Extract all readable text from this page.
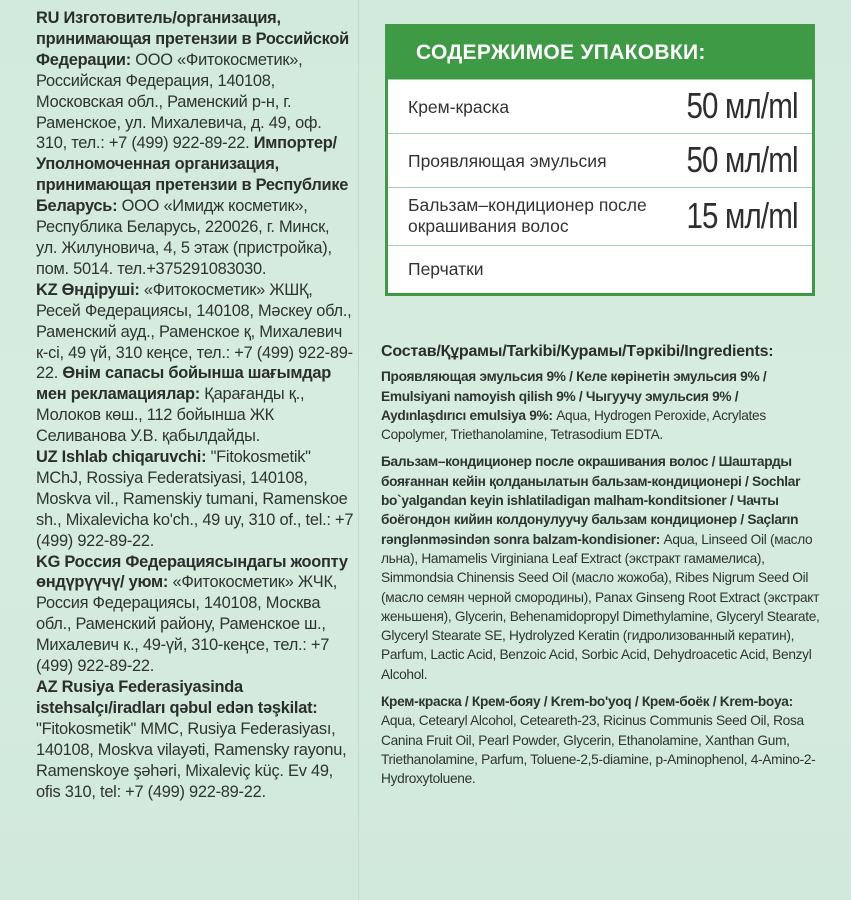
RU Изготовитель/организация, принимающая претензии в Российской Федерации: ООО «Фитокосметик», Российская Федерация, 140108, Московская обл., Раменский р-н, г. Раменское, ул. Михалевича, д. 49, оф. 310, тел.: +7 (499) 922-89-22. Импортер/ Уполномоченная организация, принимающая претензии в Республике Беларусь: ООО «Имидж косметик», Республика Беларусь, 220026, г. Минск, ул. Жилуновича, 4, 5 этаж (пристройка), пом. 5014. тел.+375291083030.

KZ Өндіруші: «Фитокосметик» ЖШҚ, Ресей Федерациясы, 140108, Мәскеу обл., Раменский ауд., Раменское қ, Михалевич к-сі, 49 үй, 310 кеңсе, тел.: +7 (499) 922-89-22. Өнім сапасы бойынша шағымдар мен рекламациялар: Қарағанды қ., Молоков көш., 112 бойынша ЖК Селиванова У.В. қабылдайды.

UZ Ishlab chiqaruvchi: "Fitokosmetik" MChJ, Rossiya Federatsiyasi, 140108, Moskva vil., Ramenskiy tumani, Ramenskoe sh., Mixalevicha ko'ch., 49 uy, 310 of., tel.: +7 (499) 922-89-22.

KG Россия Федерациясындагы жоопту өндүрүүчү/ уюм: «Фитокосметик» ЖЧК, Россия Федерациясы, 140108, Москва обл., Раменский району, Раменское ш., Михалевич к., 49-үй, 310-кеңсе, тел.: +7 (499) 922-89-22.

AZ Rusiya Federasiyasinda istehsalçı/iradları qəbul edən təşkilat: "Fitokosmetik" MMC, Rusiya Federasiyası, 140108, Moskva vilayəti, Ramensky rayonu, Ramenskoye şəhəri, Mixaleviç küç. Ev 49, ofis 310, tel: +7 (499) 922-89-22.

СОДЕРЖИМОЕ УПАКОВКИ:
Крем-краска	50 мл/ml
Проявляющая эмульсия 50 мл/ml
Бальзам–кондиционер после окрашивания волос	15 мл/ml
Перчатки
Состав/Құрамы/Tarkibi/Курамы/Тәркibi/Ingredients:

Проявляющая эмульсия 9% / Келе көрінетін эмульсия 9% / Emulsiyani namoyish qilish 9% / Чыгуучу эмульсия 9% / Aydınlaşdırıcı emulsiya 9%: Aqua, Hydrogen Peroxide, Acrylates Copolymer, Triethanolamine, Tetrasodium EDTA.

Бальзам–кондиционер после окрашивания волос / Шаштарды бояғаннан кейін қолданылатын бальзам-кондиционері / Sochlar bo`yalgandan keyin ishlatiladigan malham-konditsioner / Чачты боёгондон кийин колдонулуучу бальзам кондиционер / Saçların rənglənməsindən sonra balzam-kondisioner: Aqua, Linseed Oil (масло льна), Hamamelis Virginiana Leaf Extract (экстракт гамамелиса), Simmondsia Chinensis Seed Oil (масло жожоба), Ribes Nigrum Seed Oil (масло семян черной смородины), Panax Ginseng Root Extract (экстракт женьшеня), Glycerin, Behenamidopropyl Dimethylamine, Glyceryl Stearate, Glyceryl Stearate SE, Hydrolyzed Keratin (гидролизованный кератин), Parfum, Lactic Acid, Benzoic Acid, Sorbic Acid, Dehydroacetic Acid, Benzyl Alcohol.

Крем-краска / Крем-бояу / Krem-bo'yoq / Крем-боёк / Krem-boya: Aqua, Cetearyl Alcohol, Ceteareth-23, Ricinus Communis Seed Oil, Rosa Canina Fruit Oil, Pearl Powder, Glycerin, Ethanolamine, Xanthan Gum, Triethanolamine, Parfum, Toluene-2,5-diamine, p-Aminophenol, 4-Amino-2-Hydroxytoluene.
